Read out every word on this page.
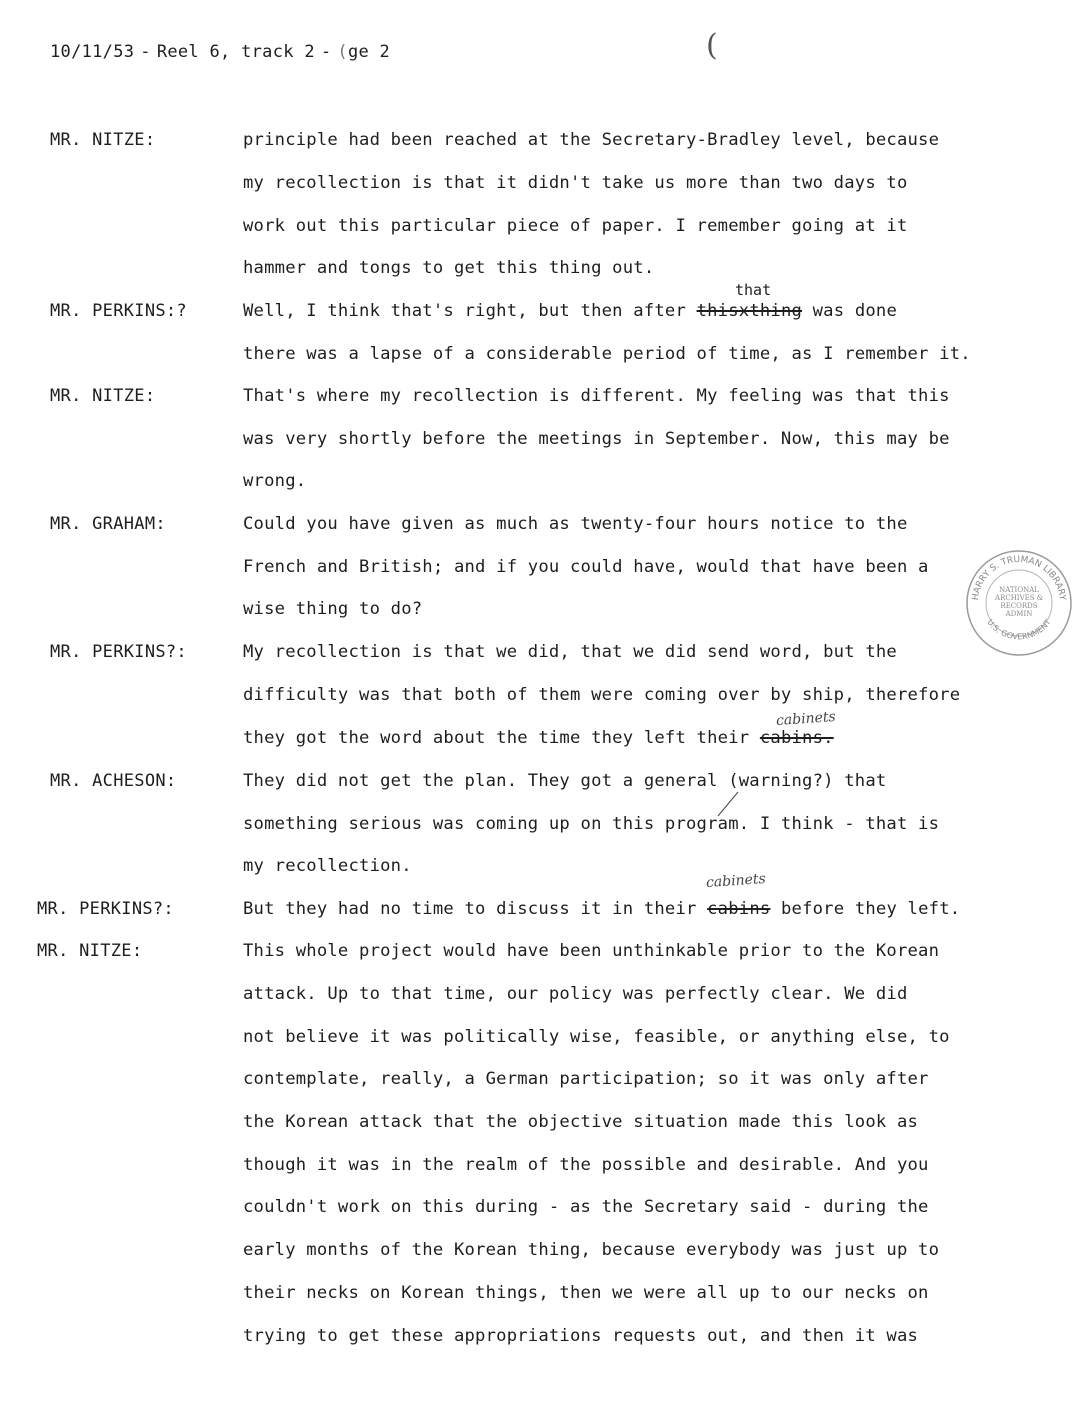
10/11/53 - Reel 6, track 2 - (ge 2	(
MR. NITZE:
MR. PERKINS:?
MR. NITZE:
MR. GRAHAM:
MR. PERKINS?:
MR. ACHESON:
MR. PERKINS?:
MR. NITZE:
principle had been reached at the Secretary-Bradley level, because
my recollection is that it didn't take us more than two days to
work out this particular piece of paper. I remember going at it
hammer and tongs to get this thing out.
that
Well, I think that's right, but then after thisxthing was done
there was a lapse of a considerable period of time, as I remember it.
That's where my recollection is different. My feeling was that this
was very shortly before the meetings in September. Now, this may be
wrong.
Could you have given as much as twenty-four hours notice to the
French and British; and if you could have, would that have been a
wise thing to do?
My recollection is that we did, that we did send word, but the
difficulty was that both of them were coming over by ship, therefore
cabinets
they got the word about the time they left their cabins.
They did not get the plan. They got a general (warning?) that
something serious was coming up on this program. I think - that is
my recollection.
cabinets
But they had no time to discuss it in their cabins before they left.
This whole project would have been unthinkable prior to the Korean
attack. Up to that time, our policy was perfectly clear. We did
not believe it was politically wise, feasible, or anything else, to
contemplate, really, a German participation; so it was only after
the Korean attack that the objective situation made this look as
though it was in the realm of the possible and desirable. And you
couldn't work on this during - as the Secretary said - during the
early months of the Korean thing, because everybody was just up to
their necks on Korean things, then we were all up to our necks on
trying to get these appropriations requests out, and then it was
HARRY S. TRUMAN LIBRARY
U.S. GOVERNMENT
NATIONAL ARCHIVES & RECORDS ADMIN
